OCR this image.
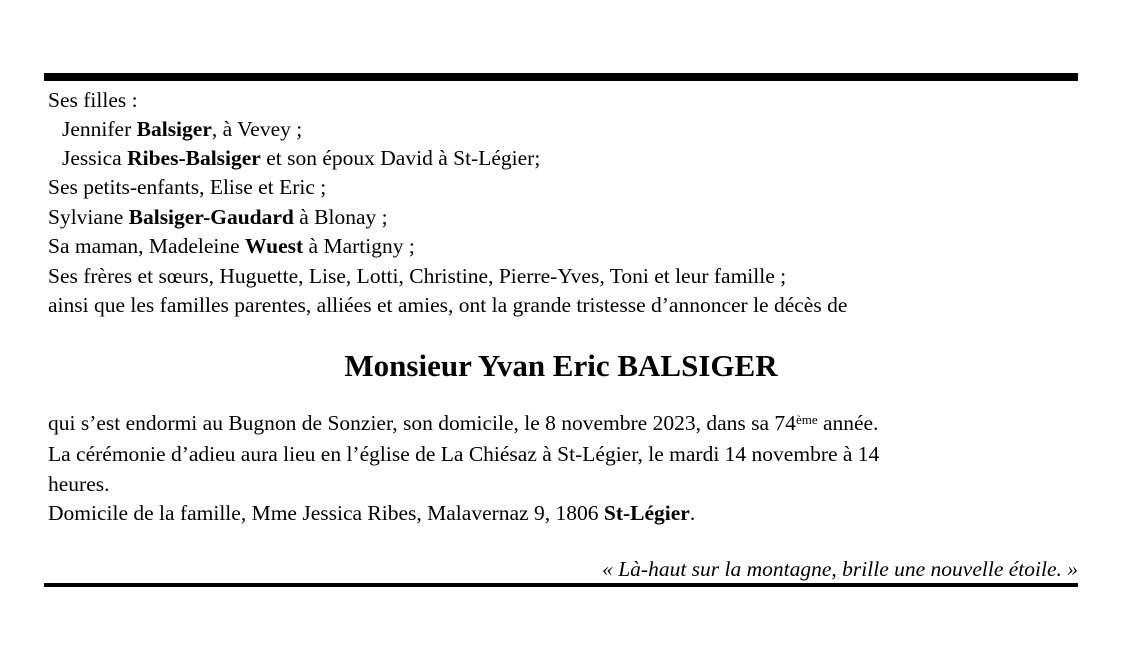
Ses filles :
Jennifer Balsiger, à Vevey ;
Jessica Ribes-Balsiger et son époux David à St-Légier;
Ses petits-enfants, Elise et Eric ;
Sylviane Balsiger-Gaudard à Blonay ;
Sa maman, Madeleine Wuest à Martigny ;
Ses frères et sœurs, Huguette, Lise, Lotti, Christine, Pierre-Yves, Toni et leur famille ;
ainsi que les familles parentes, alliées et amies, ont la grande tristesse d’annoncer le décès de
Monsieur Yvan Eric BALSIGER
qui s’est endormi au Bugnon de Sonzier, son domicile, le 8 novembre 2023, dans sa 74ème année.
La cérémonie d’adieu aura lieu en l’église de La Chiésaz à St-Légier, le mardi 14 novembre à 14
heures.
Domicile de la famille, Mme Jessica Ribes, Malavernaz 9, 1806 St-Légier.
« Là-haut sur la montagne, brille une nouvelle étoile. »
